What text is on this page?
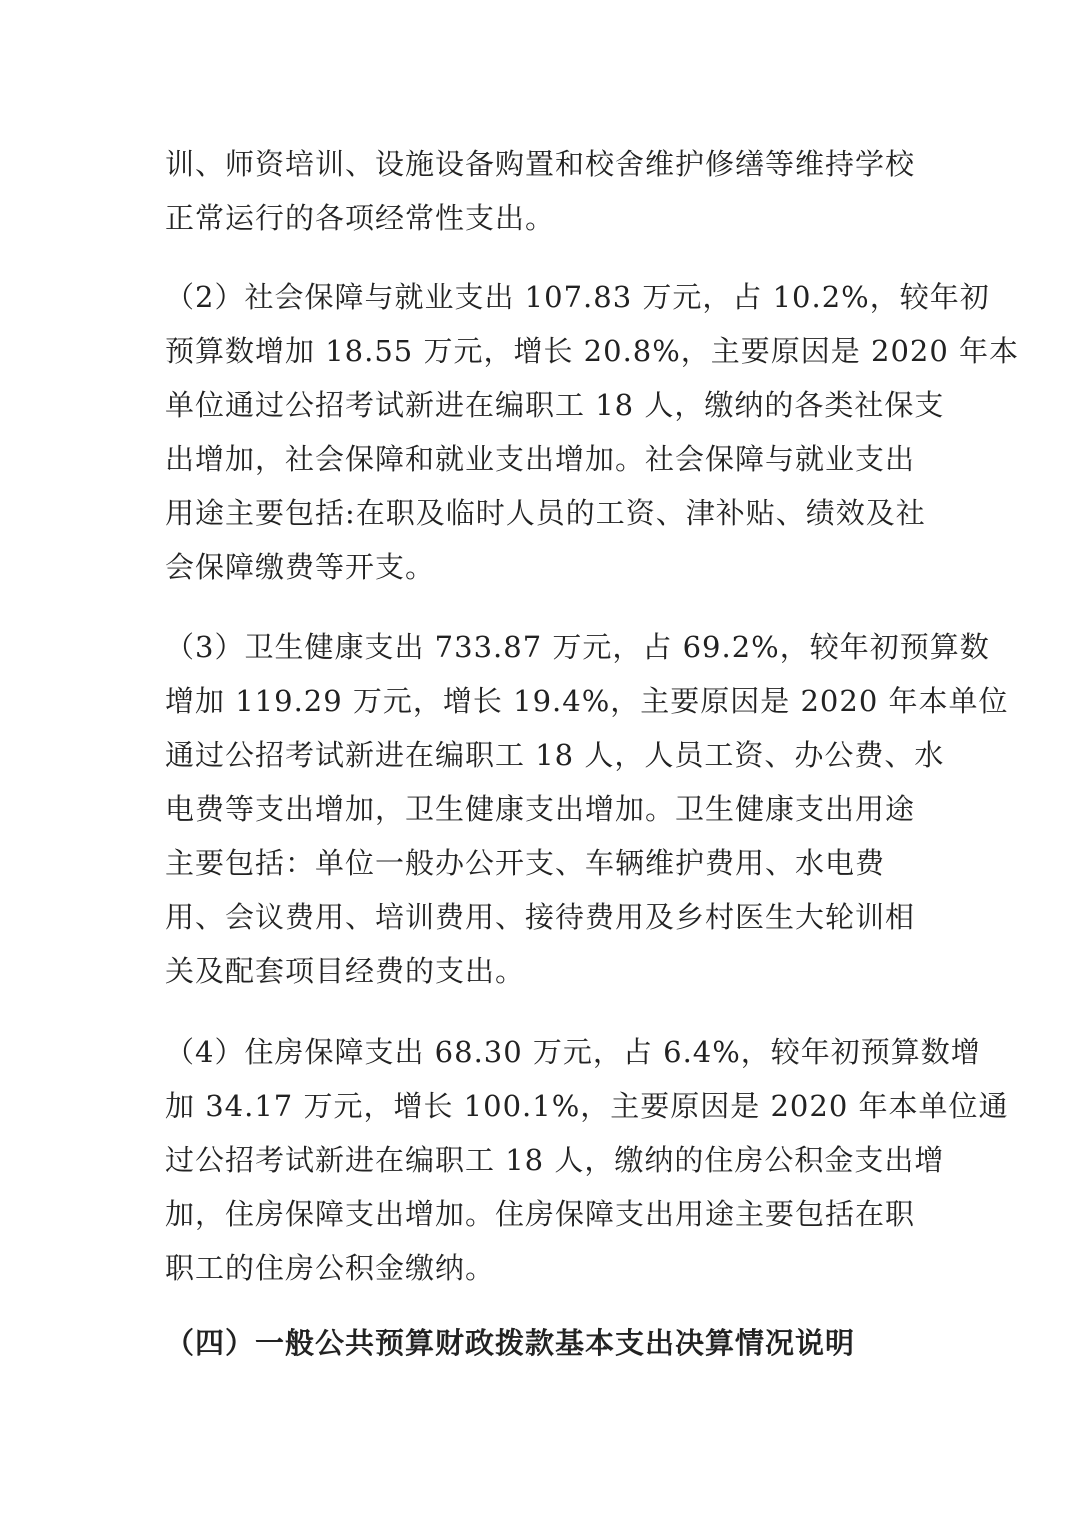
训、师资培训、设施设备购置和校舍维护修缮等维持学校
正常运行的各项经常性支出。
（2）社会保障与就业支出 107.83 万元，占 10.2%，较年初
预算数增加 18.55 万元，增长 20.8%，主要原因是 2020 年本
单位通过公招考试新进在编职工 18 人，缴纳的各类社保支
出增加，社会保障和就业支出增加。社会保障与就业支出
用途主要包括:在职及临时人员的工资、津补贴、绩效及社
会保障缴费等开支。
（3）卫生健康支出 733.87 万元，占 69.2%，较年初预算数
增加 119.29 万元，增长 19.4%，主要原因是 2020 年本单位
通过公招考试新进在编职工 18 人，人员工资、办公费、水
电费等支出增加，卫生健康支出增加。卫生健康支出用途
主要包括：单位一般办公开支、车辆维护费用、水电费
用、会议费用、培训费用、接待费用及乡村医生大轮训相
关及配套项目经费的支出。
（4）住房保障支出 68.30 万元，占 6.4%，较年初预算数增
加 34.17 万元，增长 100.1%，主要原因是 2020 年本单位通
过公招考试新进在编职工 18 人，缴纳的住房公积金支出增
加，住房保障支出增加。住房保障支出用途主要包括在职
职工的住房公积金缴纳。
（四）一般公共预算财政拨款基本支出决算情况说明
